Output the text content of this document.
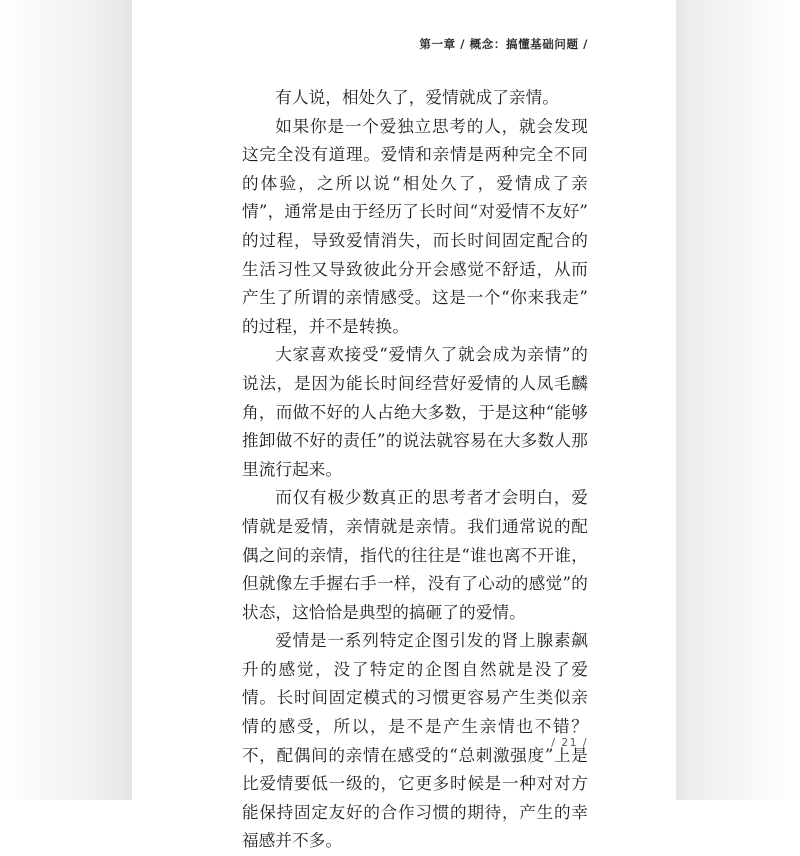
第一章 / 概念：搞懂基础问题 /

有人说，相处久了，爱情就成了亲情。

如果你是一个爱独立思考的人，就会发现这完全没有道理。爱情和亲情是两种完全不同的体验，之所以说“相处久了，爱情成了亲情”，通常是由于经历了长时间“对爱情不友好”的过程，导致爱情消失，而长时间固定配合的生活习性又导致彼此分开会感觉不舒适，从而产生了所谓的亲情感受。这是一个“你来我走”的过程，并不是转换。

大家喜欢接受“爱情久了就会成为亲情”的说法，是因为能长时间经营好爱情的人凤毛麟角，而做不好的人占绝大多数，于是这种“能够推卸做不好的责任”的说法就容易在大多数人那里流行起来。

而仅有极少数真正的思考者才会明白，爱情就是爱情，亲情就是亲情。我们通常说的配偶之间的亲情，指代的往往是“谁也离不开谁，但就像左手握右手一样，没有了心动的感觉”的状态，这恰恰是典型的搞砸了的爱情。

爱情是一系列特定企图引发的肾上腺素飙升的感觉，没了特定的企图自然就是没了爱情。长时间固定模式的习惯更容易产生类似亲情的感受，所以，是不是产生亲情也不错？不，配偶间的亲情在感受的“总刺激强度”上是比爱情要低一级的，它更多时候是一种对对方能保持固定友好的合作习惯的期待，产生的幸福感并不多。

/ 21 /
